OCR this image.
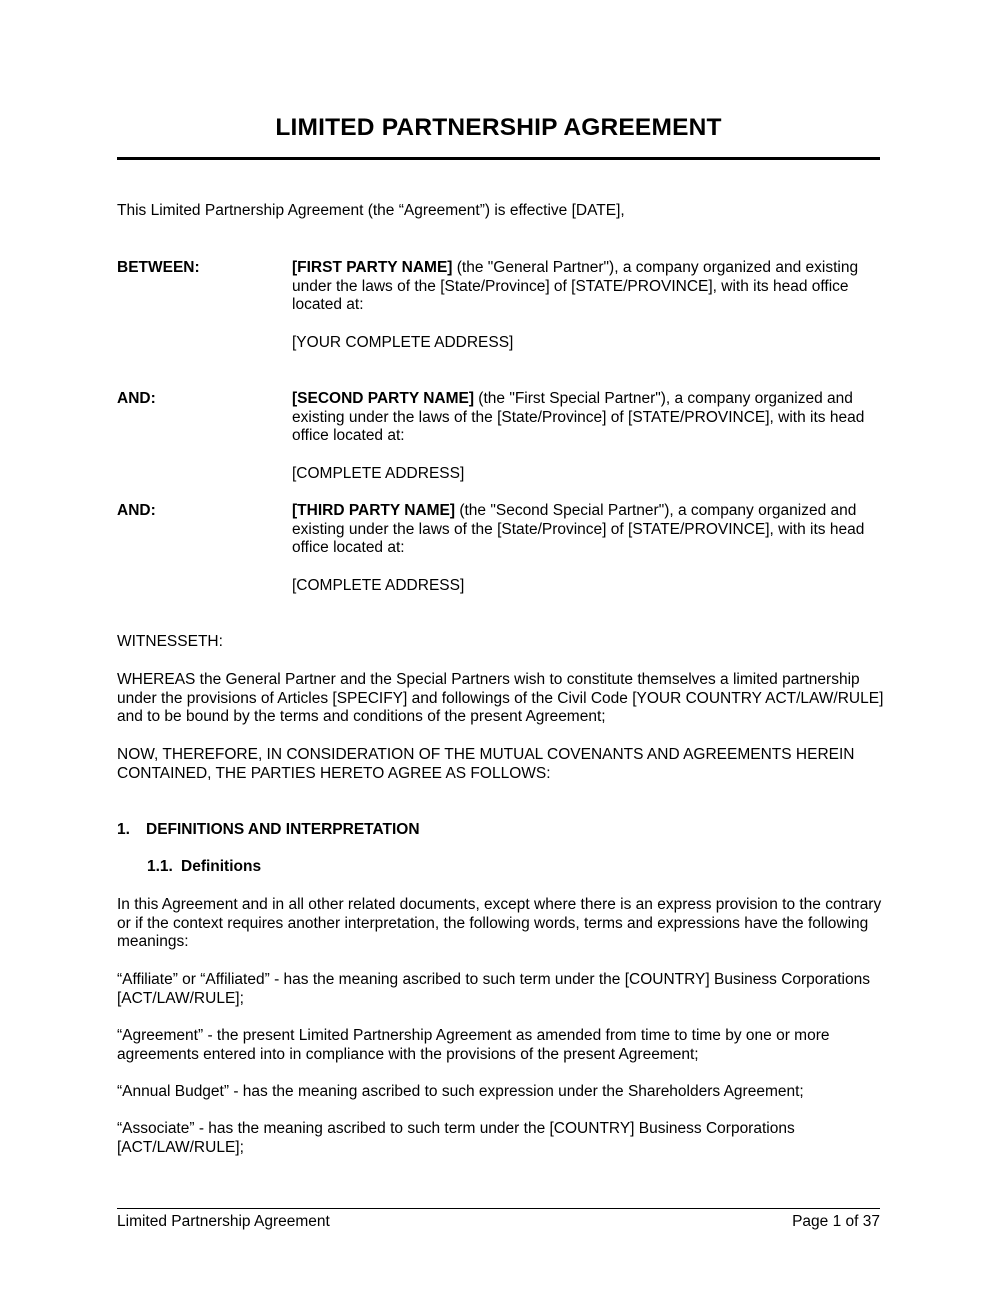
LIMITED PARTNERSHIP AGREEMENT

This Limited Partnership Agreement (the “Agreement”) is effective [DATE],

BETWEEN:	[FIRST PARTY NAME] (the "General Partner"), a company organized and existing under the laws of the [State/Province] of [STATE/PROVINCE], with its head office located at:
[YOUR COMPLETE ADDRESS]
AND:	[SECOND PARTY NAME] (the "First Special Partner"), a company organized and existing under the laws of the [State/Province] of [STATE/PROVINCE], with its head office located at:
[COMPLETE ADDRESS]
AND:	[THIRD PARTY NAME] (the "Second Special Partner"), a company organized and existing under the laws of the [State/Province] of [STATE/PROVINCE], with its head office located at:
[COMPLETE ADDRESS]

WITNESSETH:

WHEREAS the General Partner and the Special Partners wish to constitute themselves a limited partnership under the provisions of Articles [SPECIFY] and followings of the Civil Code [YOUR COUNTRY ACT/LAW/RULE] and to be bound by the terms and conditions of the present Agreement;

NOW, THEREFORE, IN CONSIDERATION OF THE MUTUAL COVENANTS AND AGREEMENTS HEREIN CONTAINED, THE PARTIES HERETO AGREE AS FOLLOWS:

1. DEFINITIONS AND INTERPRETATION
1.1. Definitions

In this Agreement and in all other related documents, except where there is an express provision to the contrary or if the context requires another interpretation, the following words, terms and expressions have the following meanings:

“Affiliate” or “Affiliated” - has the meaning ascribed to such term under the [COUNTRY] Business Corporations [ACT/LAW/RULE];

“Agreement” - the present Limited Partnership Agreement as amended from time to time by one or more agreements entered into in compliance with the provisions of the present Agreement;

“Annual Budget” - has the meaning ascribed to such expression under the Shareholders Agreement;

“Associate” - has the meaning ascribed to such term under the [COUNTRY] Business Corporations [ACT/LAW/RULE];

Limited Partnership Agreement	Page 1 of 37
